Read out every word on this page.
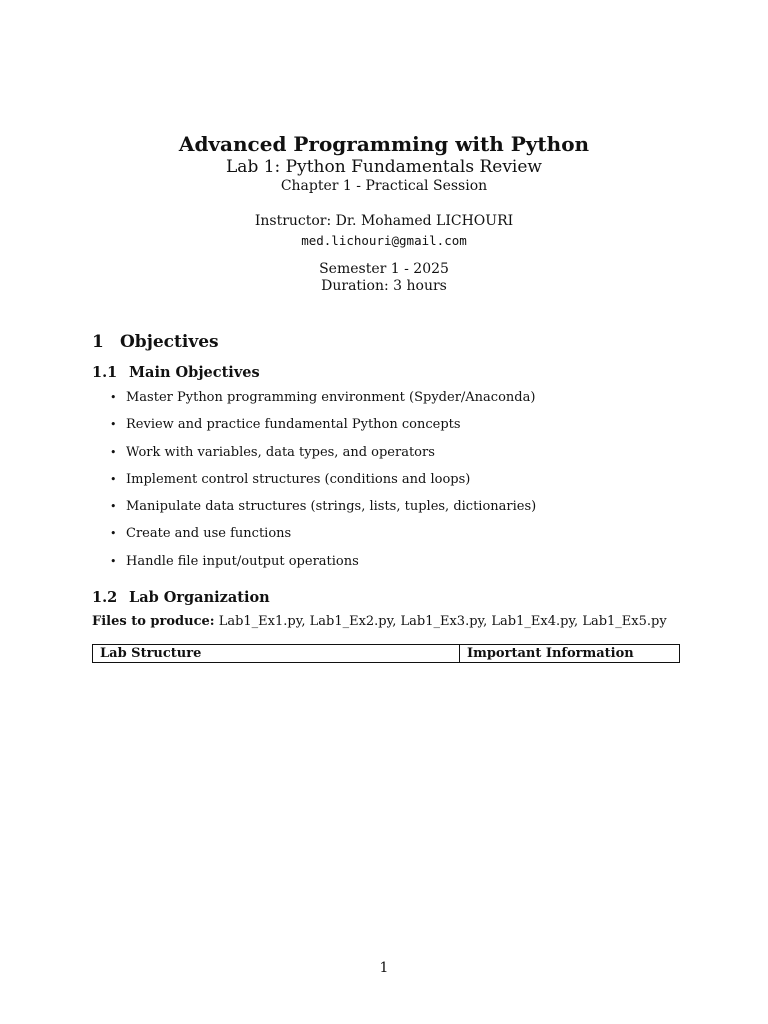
Advanced Programming with Python

Lab 1: Python Fundamentals Review

Chapter 1 - Practical Session

Instructor: Dr. Mohamed LICHOURI
med.lichouri@gmail.com
Semester 1 - 2025
Duration: 3 hours
1 Objectives
1.1 Main Objectives
• Master Python programming environment (Spyder/Anaconda)
• Review and practice fundamental Python concepts
• Work with variables, data types, and operators
• Implement control structures (conditions and loops)
• Manipulate data structures (strings, lists, tuples, dictionaries)
• Create and use functions
• Handle file input/output operations
1.2 Lab Organization
Files to produce: Lab1_Ex1.py, Lab1_Ex2.py, Lab1_Ex3.py, Lab1_Ex4.py, Lab1_Ex5.py
Lab Structure	Important Information
1
